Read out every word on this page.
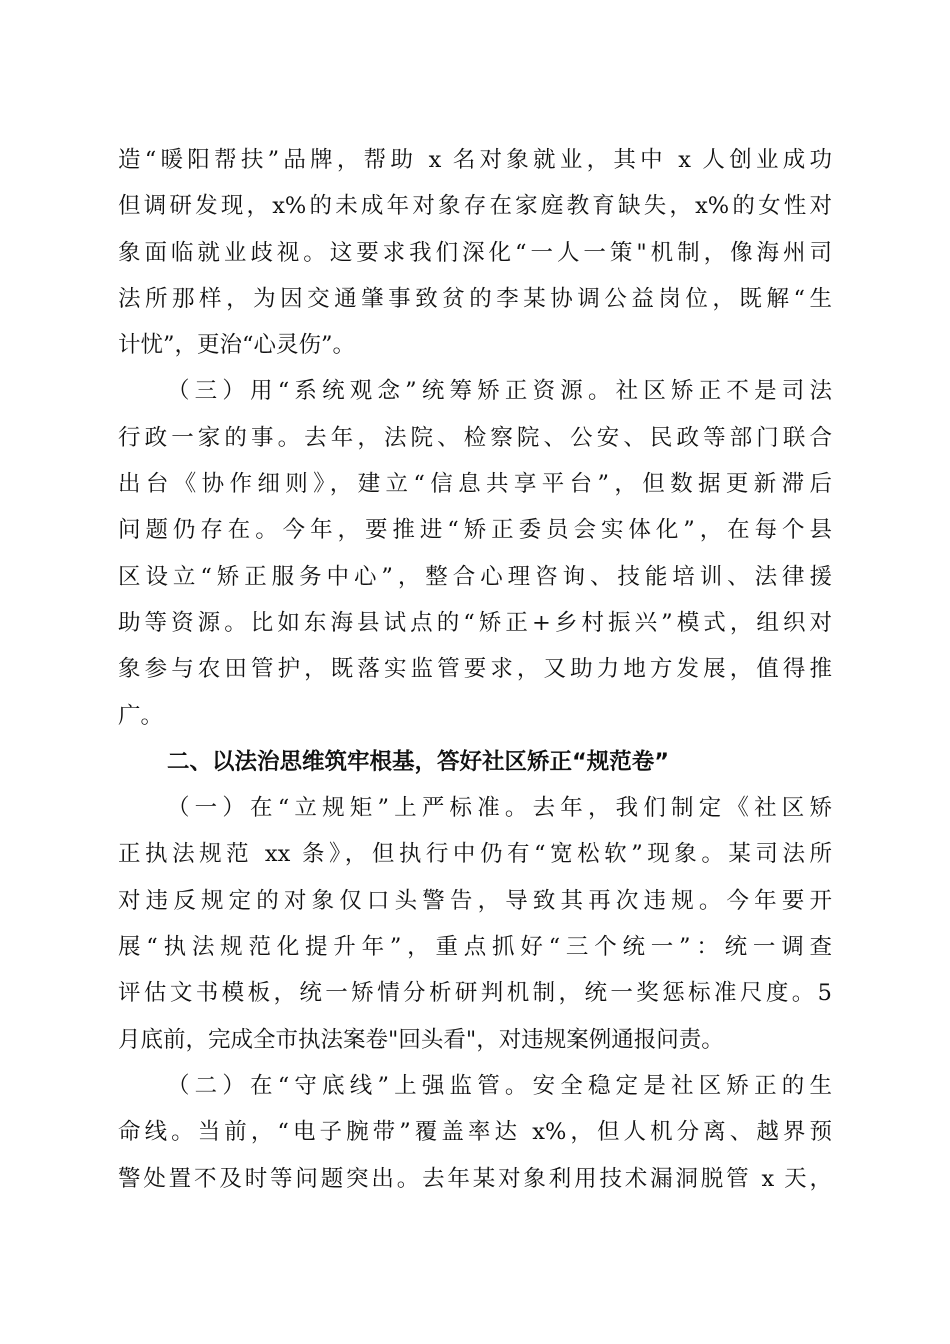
造“暖阳帮扶”品牌，帮助 x 名对象就业，其中 x 人创业成功
但调研发现，x%的未成年对象存在家庭教育缺失，x%的女性对
象面临就业歧视。这要求我们深化“一人一策"机制，像海州司
法所那样，为因交通肇事致贫的李某协调公益岗位，既解“生
计忧”，更治“心灵伤”。
（三）用“系统观念”统筹矫正资源。社区矫正不是司法
行政一家的事。去年，法院、检察院、公安、民政等部门联合
出台《协作细则》，建立“信息共享平台”，但数据更新滞后
问题仍存在。今年，要推进“矫正委员会实体化”，在每个县
区设立“矫正服务中心”，整合心理咨询、技能培训、法律援
助等资源。比如东海县试点的“矫正+乡村振兴”模式，组织对
象参与农田管护，既落实监管要求，又助力地方发展，值得推
广。
二、以法治思维筑牢根基，答好社区矫正“规范卷”
（一）在“立规矩”上严标准。去年，我们制定《社区矫
正执法规范 xx 条》，但执行中仍有“宽松软”现象。某司法所
对违反规定的对象仅口头警告，导致其再次违规。今年要开
展“执法规范化提升年”，重点抓好“三个统一”：统一调查
评估文书模板，统一矫情分析研判机制，统一奖惩标准尺度。5
月底前，完成全市执法案卷"回头看"，对违规案例通报问责。
（二）在“守底线”上强监管。安全稳定是社区矫正的生
命线。当前，“电子腕带”覆盖率达 x%，但人机分离、越界预
警处置不及时等问题突出。去年某对象利用技术漏洞脱管 x 天，
